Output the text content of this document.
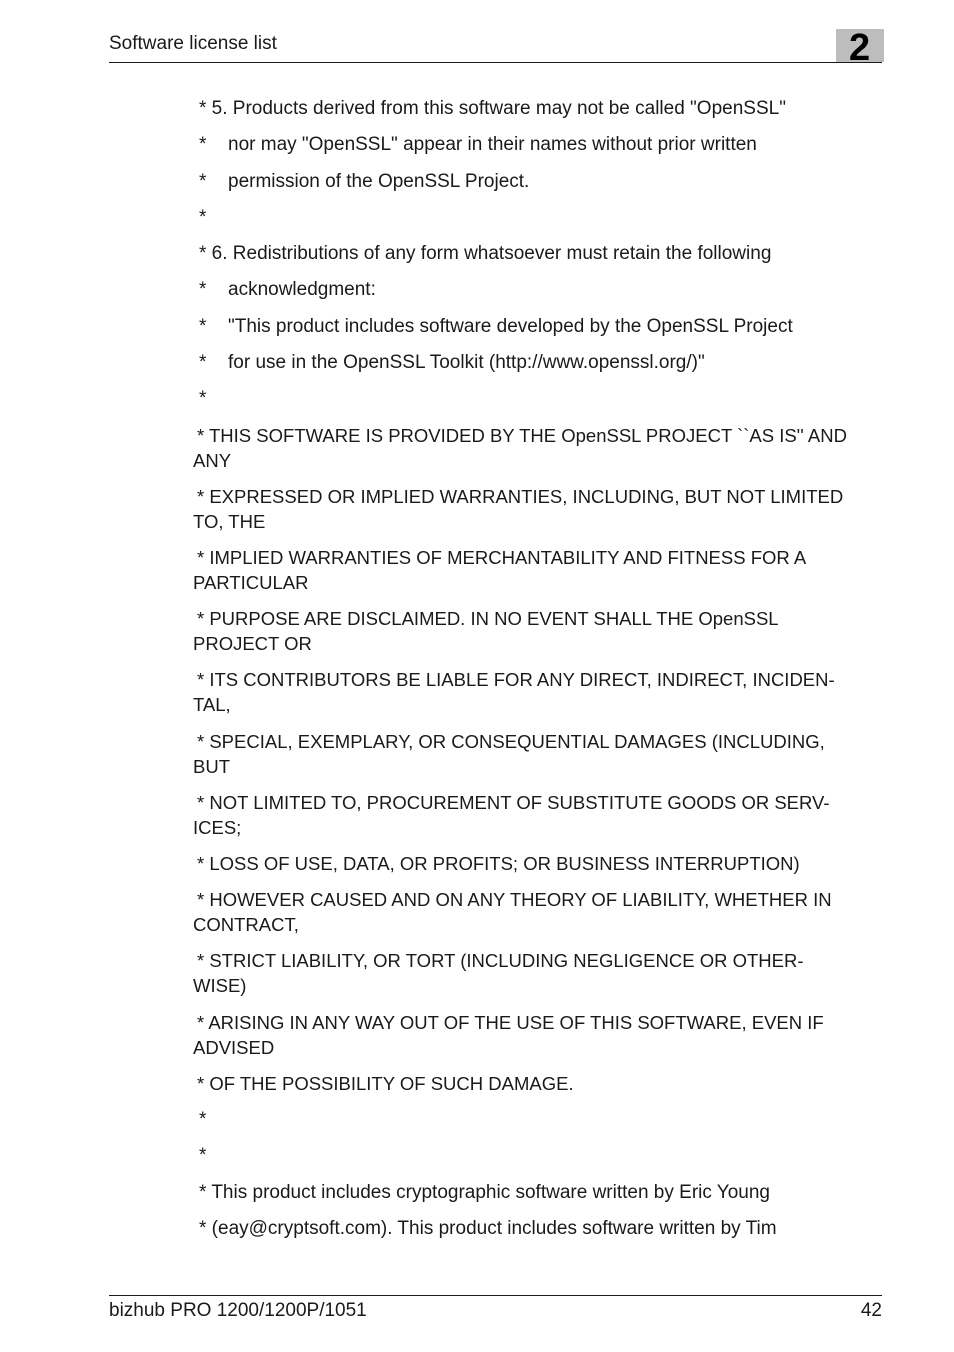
Software license list	2
* 5. Products derived from this software may not be called "OpenSSL"
* nor may "OpenSSL" appear in their names without prior written
* permission of the OpenSSL Project.
*
* 6. Redistributions of any form whatsoever must retain the following
* acknowledgment:
* "This product includes software developed by the OpenSSL Project
* for use in the OpenSSL Toolkit (http://www.openssl.org/)"
*
* THIS SOFTWARE IS PROVIDED BY THE OpenSSL PROJECT ``AS IS'' AND
ANY
* EXPRESSED OR IMPLIED WARRANTIES, INCLUDING, BUT NOT LIMITED
TO, THE
* IMPLIED WARRANTIES OF MERCHANTABILITY AND FITNESS FOR A
PARTICULAR
* PURPOSE ARE DISCLAIMED. IN NO EVENT SHALL THE OpenSSL
PROJECT OR
* ITS CONTRIBUTORS BE LIABLE FOR ANY DIRECT, INDIRECT, INCIDEN-
TAL,
* SPECIAL, EXEMPLARY, OR CONSEQUENTIAL DAMAGES (INCLUDING,
BUT
* NOT LIMITED TO, PROCUREMENT OF SUBSTITUTE GOODS OR SERV-
ICES;
* LOSS OF USE, DATA, OR PROFITS; OR BUSINESS INTERRUPTION)
* HOWEVER CAUSED AND ON ANY THEORY OF LIABILITY, WHETHER IN
CONTRACT,
* STRICT LIABILITY, OR TORT (INCLUDING NEGLIGENCE OR OTHER-
WISE)
* ARISING IN ANY WAY OUT OF THE USE OF THIS SOFTWARE, EVEN IF
ADVISED
* OF THE POSSIBILITY OF SUCH DAMAGE.
*
*
* This product includes cryptographic software written by Eric Young
* (eay@cryptsoft.com). This product includes software written by Tim
bizhub PRO 1200/1200P/1051	42
